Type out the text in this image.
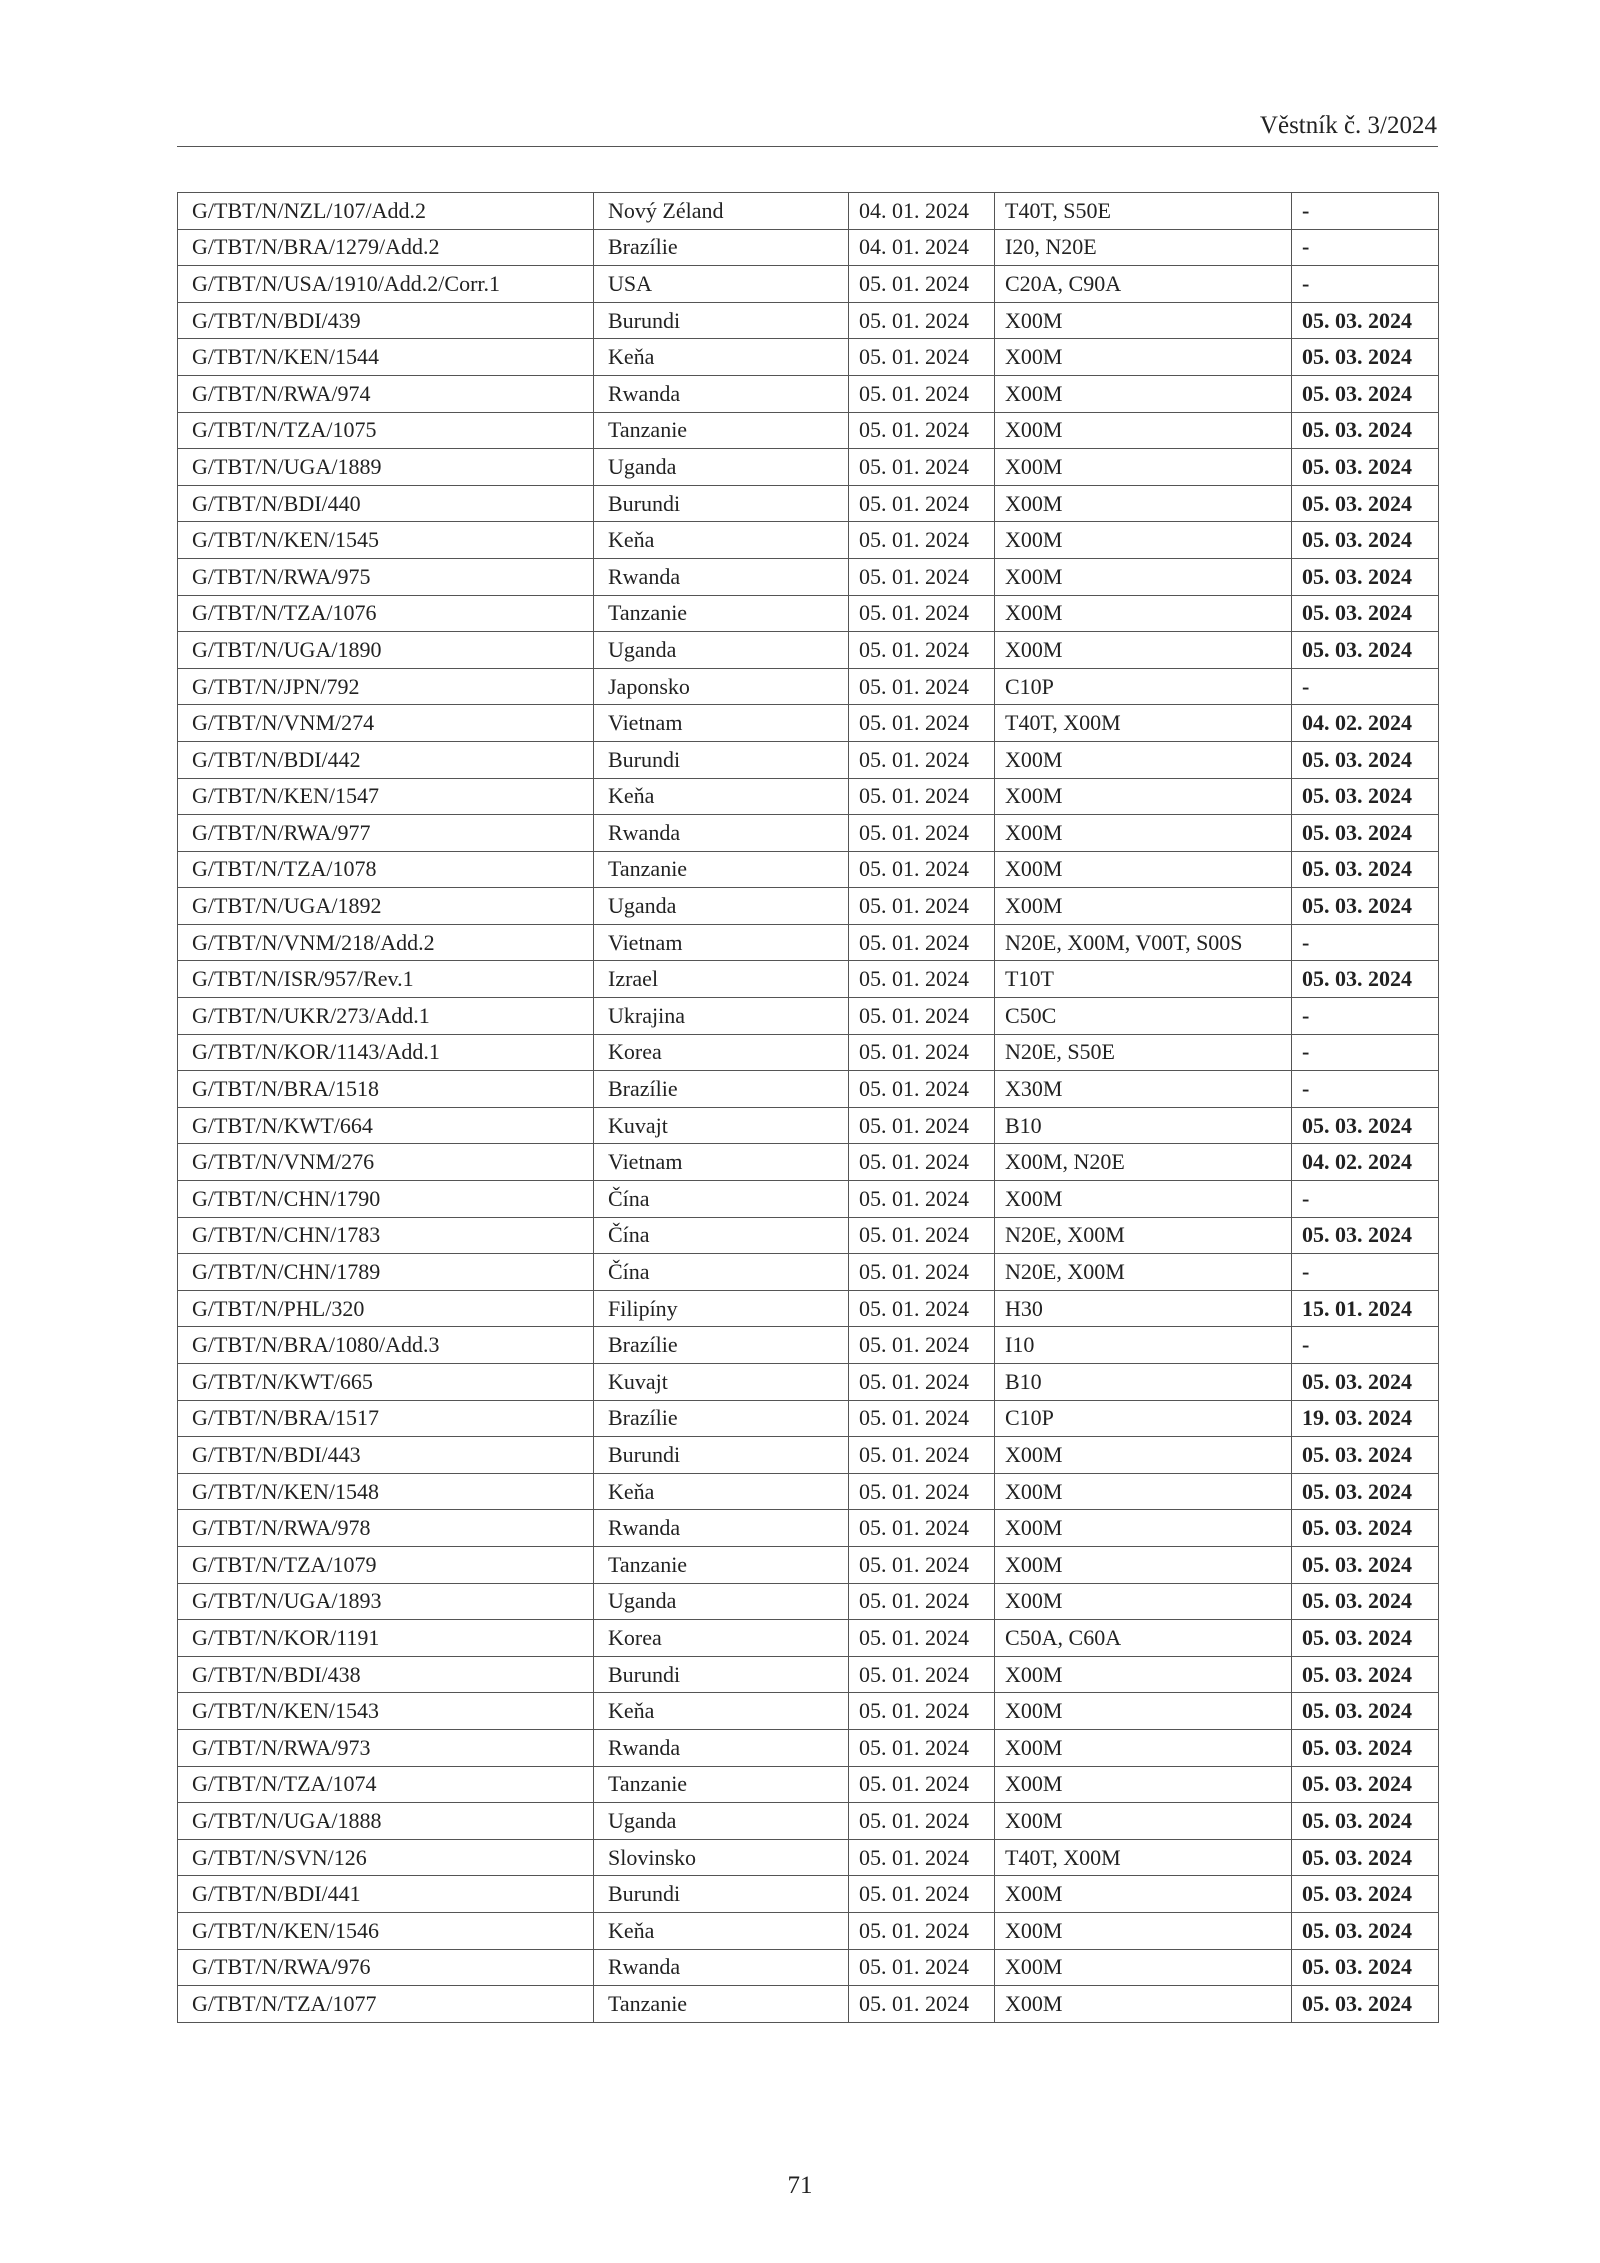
Věstník č. 3/2024
G/TBT/N/NZL/107/Add.2	Nový Zéland	04. 01. 2024	T40T, S50E	-
G/TBT/N/BRA/1279/Add.2	Brazílie	04. 01. 2024	I20, N20E	-
G/TBT/N/USA/1910/Add.2/Corr.1	USA	05. 01. 2024	C20A, C90A	-
G/TBT/N/BDI/439	Burundi	05. 01. 2024	X00M	05. 03. 2024
G/TBT/N/KEN/1544	Keňa	05. 01. 2024	X00M	05. 03. 2024
G/TBT/N/RWA/974	Rwanda	05. 01. 2024	X00M	05. 03. 2024
G/TBT/N/TZA/1075	Tanzanie	05. 01. 2024	X00M	05. 03. 2024
G/TBT/N/UGA/1889	Uganda	05. 01. 2024	X00M	05. 03. 2024
G/TBT/N/BDI/440	Burundi	05. 01. 2024	X00M	05. 03. 2024
G/TBT/N/KEN/1545	Keňa	05. 01. 2024	X00M	05. 03. 2024
G/TBT/N/RWA/975	Rwanda	05. 01. 2024	X00M	05. 03. 2024
G/TBT/N/TZA/1076	Tanzanie	05. 01. 2024	X00M	05. 03. 2024
G/TBT/N/UGA/1890	Uganda	05. 01. 2024	X00M	05. 03. 2024
G/TBT/N/JPN/792	Japonsko	05. 01. 2024	C10P	-
G/TBT/N/VNM/274	Vietnam	05. 01. 2024	T40T, X00M	04. 02. 2024
G/TBT/N/BDI/442	Burundi	05. 01. 2024	X00M	05. 03. 2024
G/TBT/N/KEN/1547	Keňa	05. 01. 2024	X00M	05. 03. 2024
G/TBT/N/RWA/977	Rwanda	05. 01. 2024	X00M	05. 03. 2024
G/TBT/N/TZA/1078	Tanzanie	05. 01. 2024	X00M	05. 03. 2024
G/TBT/N/UGA/1892	Uganda	05. 01. 2024	X00M	05. 03. 2024
G/TBT/N/VNM/218/Add.2	Vietnam	05. 01. 2024	N20E, X00M, V00T, S00S	-
G/TBT/N/ISR/957/Rev.1	Izrael	05. 01. 2024	T10T	05. 03. 2024
G/TBT/N/UKR/273/Add.1	Ukrajina	05. 01. 2024	C50C	-
G/TBT/N/KOR/1143/Add.1	Korea	05. 01. 2024	N20E, S50E	-
G/TBT/N/BRA/1518	Brazílie	05. 01. 2024	X30M	-
G/TBT/N/KWT/664	Kuvajt	05. 01. 2024	B10	05. 03. 2024
G/TBT/N/VNM/276	Vietnam	05. 01. 2024	X00M, N20E	04. 02. 2024
G/TBT/N/CHN/1790	Čína	05. 01. 2024	X00M	-
G/TBT/N/CHN/1783	Čína	05. 01. 2024	N20E, X00M	05. 03. 2024
G/TBT/N/CHN/1789	Čína	05. 01. 2024	N20E, X00M	-
G/TBT/N/PHL/320	Filipíny	05. 01. 2024	H30	15. 01. 2024
G/TBT/N/BRA/1080/Add.3	Brazílie	05. 01. 2024	I10	-
G/TBT/N/KWT/665	Kuvajt	05. 01. 2024	B10	05. 03. 2024
G/TBT/N/BRA/1517	Brazílie	05. 01. 2024	C10P	19. 03. 2024
G/TBT/N/BDI/443	Burundi	05. 01. 2024	X00M	05. 03. 2024
G/TBT/N/KEN/1548	Keňa	05. 01. 2024	X00M	05. 03. 2024
G/TBT/N/RWA/978	Rwanda	05. 01. 2024	X00M	05. 03. 2024
G/TBT/N/TZA/1079	Tanzanie	05. 01. 2024	X00M	05. 03. 2024
G/TBT/N/UGA/1893	Uganda	05. 01. 2024	X00M	05. 03. 2024
G/TBT/N/KOR/1191	Korea	05. 01. 2024	C50A, C60A	05. 03. 2024
G/TBT/N/BDI/438	Burundi	05. 01. 2024	X00M	05. 03. 2024
G/TBT/N/KEN/1543	Keňa	05. 01. 2024	X00M	05. 03. 2024
G/TBT/N/RWA/973	Rwanda	05. 01. 2024	X00M	05. 03. 2024
G/TBT/N/TZA/1074	Tanzanie	05. 01. 2024	X00M	05. 03. 2024
G/TBT/N/UGA/1888	Uganda	05. 01. 2024	X00M	05. 03. 2024
G/TBT/N/SVN/126	Slovinsko	05. 01. 2024	T40T, X00M	05. 03. 2024
G/TBT/N/BDI/441	Burundi	05. 01. 2024	X00M	05. 03. 2024
G/TBT/N/KEN/1546	Keňa	05. 01. 2024	X00M	05. 03. 2024
G/TBT/N/RWA/976	Rwanda	05. 01. 2024	X00M	05. 03. 2024
G/TBT/N/TZA/1077	Tanzanie	05. 01. 2024	X00M	05. 03. 2024
71
